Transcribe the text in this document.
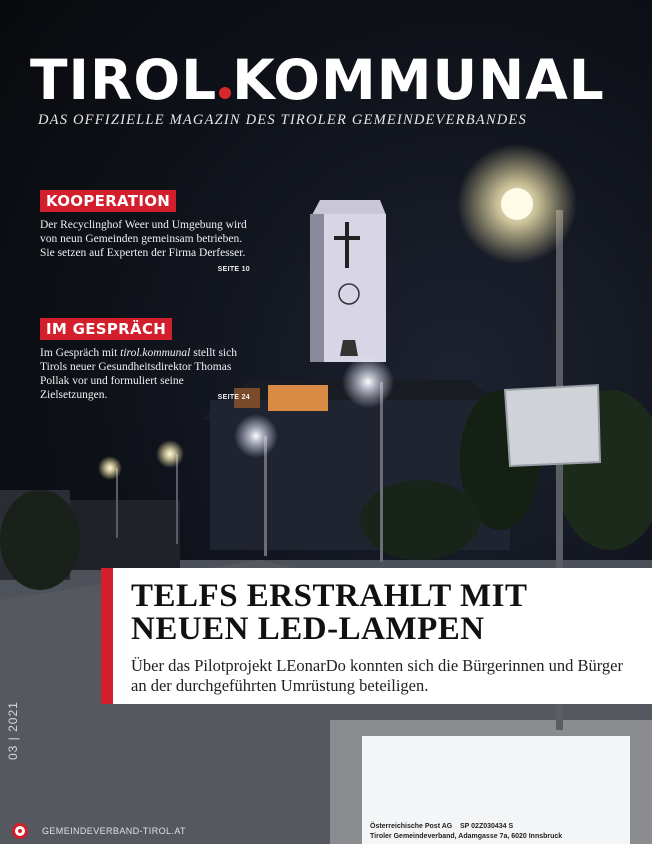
TIROL KOMMUNAL
DAS OFFIZIELLE MAGAZIN DES TIROLER GEMEINDEVERBANDES
KOOPERATION
Der Recyclinghof Weer und Umgebung wird von neun Gemeinden gemeinsam betrieben. Sie setzen auf Experten der Firma Derfesser.
SEITE 10
IM GESPRÄCH
Im Gespräch mit tirol.kommunal stellt sich Tirols neuer Gesundheitsdirektor Thomas Pollak vor und formuliert seine Zielsetzungen.	SEITE 24
TELFS ERSTRAHLT MIT
NEUEN LED-LAMPEN

Über das Pilotprojekt LEonarDo konnten sich die Bürgerinnen und Bürger an der durchgeführten Umrüstung beteiligen.

03 | 2021
GEMEINDEVERBAND-TIROL.AT	Österreichische Post AG    SP 02Z030434 S
Tiroler Gemeindeverband, Adamgasse 7a, 6020 Innsbruck
